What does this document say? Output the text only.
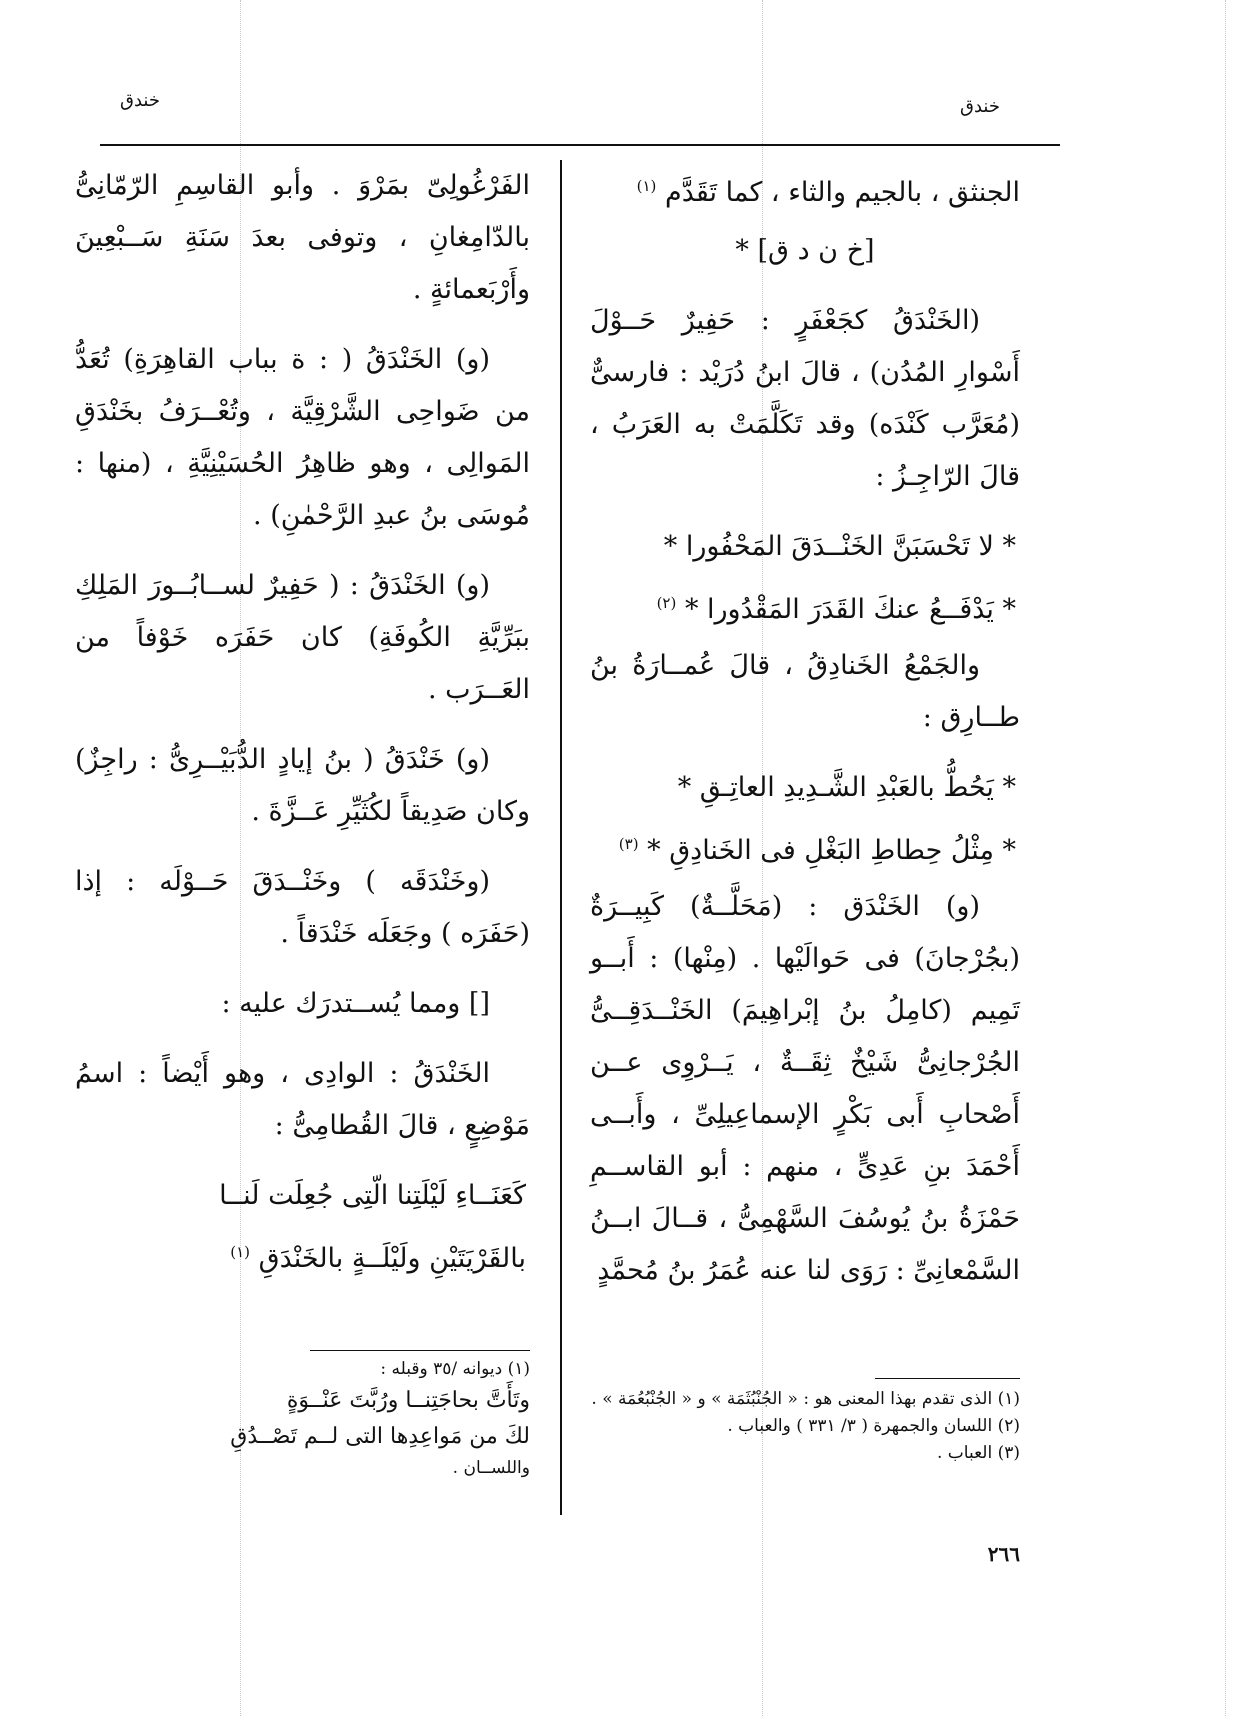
خندق
خندق

الجنثق ، بالجيم والثاء ، كما تَقَدَّم $^{(١)}$

[خ ن د ق] *

(الخَنْدَقُ كجَعْفَرٍ : حَفِيرٌ حَــوْلَ أَسْوارِ المُدُن) ، قالَ ابنُ دُرَيْد : فارسىٌّ (مُعَرَّب كَنْدَه) وقد تَكَلَّمَتْ به العَرَبُ ، قالَ الرّاجِـزُ :

* لا تَحْسَبَنَّ الخَنْــدَقَ المَحْفُورا *

* يَدْفَــعُ عنكَ القَدَرَ المَقْدُورا * $^{(٢)}$

والجَمْعُ الخَنادِقُ ، قالَ عُمــارَةُ بنُ طــارِق :

* يَحُطُّ بالعَبْدِ الشَّـدِيدِ العاتِـقِ *

* مِثْلُ حِطاطِ البَغْلِ فى الخَنادِقِ * $^{(٣)}$

(و) الخَنْدَق : (مَحَلَّــةٌ) كَبِيــرَةٌ (بجُرْجانَ) فى حَوالَيْها . (مِنْها) : أَبــو تَمِيم (كامِلُ بنُ إبْراهِيمَ) الخَنْــدَقِــىُّ الجُرْجانِىُّ شَيْخٌ ثِقَــةٌ ، يَــرْوِى عــن أَصْحابِ أَبى بَكْرٍ الإسماعِيلِىِّ ، وأَبــى أَحْمَدَ بنِ عَدِىٍّ ، منهم : أبو القاســمِ حَمْزَةُ بنُ يُوسُفَ السَّهْمِىُّ ، قــالَ ابــنُ السَّمْعانِىِّ : رَوَى لنا عنه عُمَرُ بنُ مُحمَّدٍ

الفَرْغُولِىّ بمَرْوَ . وأبو القاسِمِ الرّمّانِىُّ بالدّامِغانِ ، وتوفى بعدَ سَنَةِ سَــبْعِينَ وأَرْبَعمائةٍ .

(و) الخَنْدَقُ ( : ة بباب القاهِرَةِ) تُعَدُّ من ضَواحِى الشَّرْقِيَّة ، وتُعْــرَفُ بخَنْدَقِ المَوالِى ، وهو ظاهِرُ الحُسَيْنِيَّةِ ، (منها : مُوسَى بنُ عبدِ الرَّحْمٰنِ) .

(و) الخَنْدَقُ : ( حَفِيرٌ لســابُــورَ المَلِكِ ببَرِّيَّةِ الكُوفَةِ) كان حَفَرَه خَوْفاً من العَــرَب .

(و) خَنْدَقُ ( بنُ إيادٍ الدُّبَيْــرِىُّ : راجِزٌ) وكان صَدِيقاً لكُثَيِّرِ عَــزَّةَ .

(وخَنْدَقَه ) وخَنْــدَقَ حَــوْلَه : إذا (حَفَرَه ) وجَعَلَه خَنْدَقاً .

[] ومما يُســتدرَك عليه :

الخَنْدَقُ : الوادِى ، وهو أَيْضاً : اسمُ مَوْضِعٍ ، قالَ القُطامِىُّ :

كَعَنَــاءِ لَيْلَتِنا الّتِى جُعِلَت لَنــا

بالقَرْيَتَيْنِ ولَيْلَــةٍ بالخَنْدَقِ $^{(١)}$

(١) الذى تقدم بهذا المعنى هو : « الجُنْبُثَمَة » و « الجُنْبُعُمَة » .
(٢) اللسان والجمهرة ( ٣/ ٣٣١ ) والعباب .
(٣) العباب .
(١) ديوانه /٣٥ وقبله :
وتَأَتَّ بحاجَتِنــا ورُبَّتَ عَنْــوَةٍ
لكَ من مَواعِدِها التى لــم تَصْــدُقِ
واللســان .
٢٦٦
